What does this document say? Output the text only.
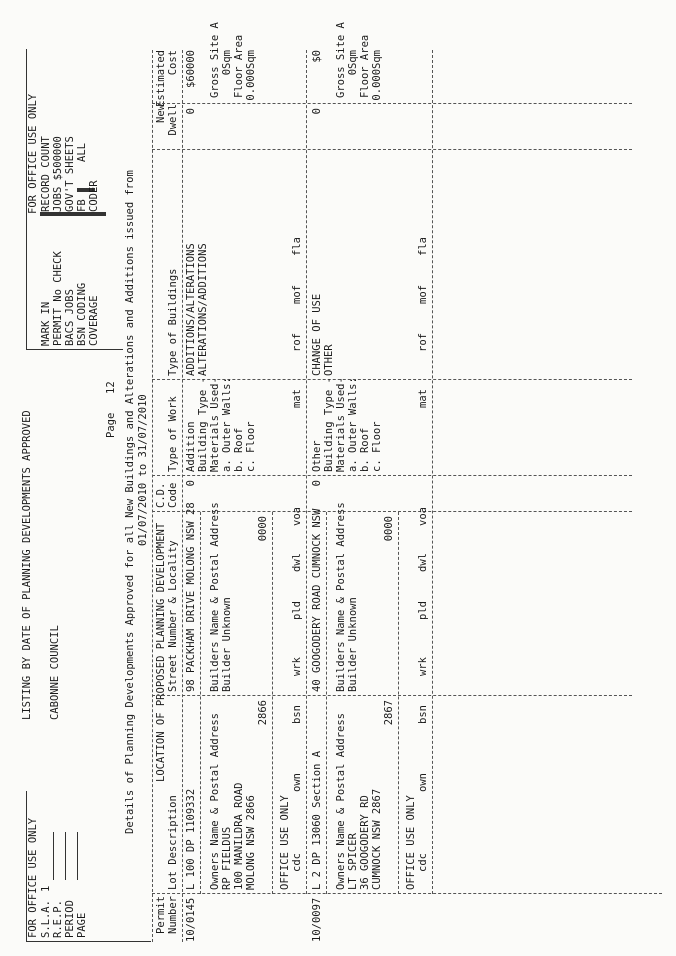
FOR OFFICE USE ONLY S.L.A.
1
R.E.P. PERIOD PAGE
LISTING BY DATE OF PLANNING DEVELOPMENTS APPROVED CABONNE COUNCIL
Page
12
FOR OFFICE USE ONLY
MARK IN PERMIT No CHECK BACS JOBS BSN CODING COVERAGE
RECORD COUNT JOBS $500000 GOV'T SHEETS FB
ALL
CODER Details of Planning Developments Approved for all New Buildings and Alterations and Additions issued from 01/07/2010 to 31/07/2010
Permit Number
LOCATION OF PROPOSED PLANNING DEVELOPMENT
Lot Description
Street Number & Locality
C.D. Code
Type of Work
Type of Buildings
New Dwell
Estimated Cost
10/0145
L 100 DP 1109332
98 PACKHAM DRIVE MOLONG NSW 28
0
Addition
ADDITIONS/ALTERATIONS ALTERATIONS/ADDITIONS
0
$60000
Owners Name & Postal Address RP FIELDUS 100 MANILDRA ROAD MOLONG NSW 2866
2866
Builders Name & Postal Address Builder Unknown
0000
Building Type - Materials Used- a. Outer Walls: b. Roof c. Floor
Gross Site A 0Sqm Floor Area 0.000Sqm
OFFICE USE ONLY cdc
own
bsn
wrk
pld
dwl
voa
mat
rof
mof
fla
10/0097
L 2 DP 13060 Section A
40 GOOGODERY ROAD CUMNOCK NSW
0
Other
CHANGE OF USE OTHER
0
$0
Owners Name & Postal Address LT SPICER 36 GOOGODERY RD CUMNOCK NSW 2867
2867
Builders Name & Postal Address Builder Unknown
0000
Building Type - Materials Used- a. Outer Walls: b. Roof c. Floor
Gross Site A 0Sqm Floor Area 0.000Sqm
OFFICE USE ONLY cdc
own
bsn
wrk
pld
dwl
voa
mat
rof
mof
fla
